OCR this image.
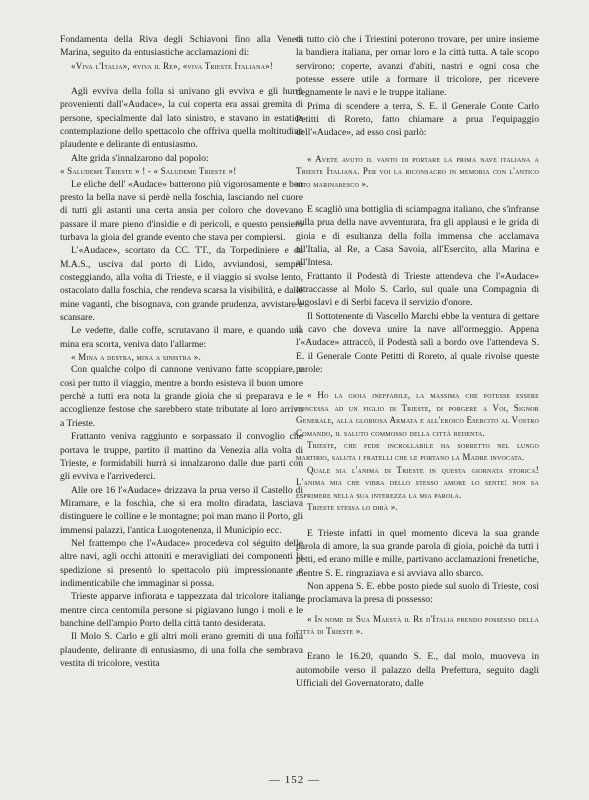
Fondamenta della Riva degli Schiavoni fino alla Veneta Marina, seguito da entusiastiche acclamazioni di:

«Viva l'Italia», «viva il Re», «viva Trieste Italiana»!

Agli evviva della folla si univano gli evviva e gli hurrà provenienti dall'«Audace», la cui coperta era assai gremita di persone, specialmente dal lato sinistro, e stavano in estatica contemplazione dello spettacolo che offriva quella moltitudine plaudente e delirante di entusiasmo.

Alte grida s'innalzarono dal popolo:

« Saludeme Trieste » ! - « Saludeme Trieste »!

Le eliche dell' «Audace» batterono più vigorosamente e ben presto la bella nave si perdè nella foschia, lasciando nel cuore di tutti gli astanti una certa ansia per coloro che dovevano passare il mare pieno d'insidie e di pericoli, e questo pensiero turbava la gioia del grande evento che stava per compiersi.

L'«Audace», scortato da CC. TT., da Torpediniere e da M.A.S., usciva dal porto di Lido, avviandosi, sempre costeggiando, alla volta di Trieste, e il viaggio si svolse lento, ostacolato dalla foschia, che rendeva scarsa la visibilità, e dalle mine vaganti, che bisognava, con grande prudenza, avvistare e scansare.

Le vedette, dalle coffe, scrutavano il mare, e quando una mina era scorta, veniva dato l'allarme:

« Mina a destra, mina a sinistra ».

Con qualche colpo di cannone venivano fatte scoppiare, e così per tutto il viaggio, mentre a bordo esisteva il buon umore perchè a tutti era nota la grande gioia che si preparava e le accoglienze festose che sarebbero state tributate al loro arrivo a Trieste.

Frattanto veniva raggiunto e sorpassato il convoglio che portava le truppe, partito il mattino da Venezia alla volta di Trieste, e formidabili hurrà si innalzarono dalle due parti con gli evviva e l'arrivederci.

Alle ore 16 l'«Audace» drizzava la prua verso il Castello di Miramare, e la foschìa, che si era molto diradata, lasciava distinguere le colline e le montagne; poi man mano il Porto, gli immensi palazzi, l'antica Luogotenenza, il Municipio ecc.

Nel frattempo che l'«Audace» procedeva col séguito delle altre navi, agli occhi attoniti e meravigliati dei componenti la spedizione si presentò lo spettacolo più impressionante e indimenticabile che immaginar si possa.

Trieste apparve infiorata e tappezzata dal tricolore italiano, mentre circa centomila persone si pigiavano lungo i moli e le banchine dell'ampio Porto della città tanto desiderata.

Il Molo S. Carlo e gli altri moli erano gremiti di una folla plaudente, delirante di entusiasmo, di una folla che sembrava vestita di tricolore, vestita

di tutto ciò che i Triestini poterono trovare, per unire insieme la bandiera italiana, per ornar loro e la città tutta. A tale scopo servirono: coperte, avanzi d'abiti, nastri e ogni cosa che potesse essere utile a formare il tricolore, per ricevere degnamente le navi e le truppe italiane.

Prima di scendere a terra, S. E. il Generale Conte Carlo Petitti di Roreto, fatto chiamare a prua l'equipaggio dell'«Audace», ad esso così parlò:

« Avete avuto il vanto di portare la prima nave italiana a Trieste Italiana. Per voi la riconsacro in memoria con l'antico rito marinaresco ».

E scagliò una bottiglia di sciampagna italiano, che s'infranse sulla prua della nave avventurata, fra gli applausi e le grida di gioia e di esultanza della folla immensa che acclamava all'Italia, al Re, a Casa Savoia, all'Esercito, alla Marina e all'Intesa.

Frattanto il Podestà di Trieste attendeva che l'«Audace» attraccasse al Molo S. Carlo, sul quale una Compagnia di Jugoslavi e di Serbi faceva il servizio d'onore.

Il Sottotenente di Vascello Marchi ebbe la ventura di gettare il cavo che doveva unire la nave all'ormeggio. Appena l'«Audace» attraccò, il Podestà salì a bordo ove l'attendeva S. E. il Generale Conte Petitti di Roreto, al quale rivolse queste parole:

« Ho la gioia ineffabile, la massima che potesse essere concessa ad un figlio di Trieste, di porgere a Voi, Signor Generale, alla gloriosa Armata e all'eroico Esercito al Vostro Comando, il saluto commosso della città redenta.

Trieste, che fede incrollabile ha sorretto nel lungo martirio, saluta i fratelli che le portano la Madre invocata.

Quale sia l'anima di Trieste in questa giornata storica! L'anima mia che vibra dello stesso amore lo sente: non sa esprimere nella sua interezza la mia parola.

Trieste stessa lo dirà ».

E Trieste infatti in quel momento diceva la sua grande parola di amore, la sua grande parola di gioia, poichè da tutti i petti, ed erano mille e mille, partivano acclamazioni frenetiche, mentre S. E. ringraziava e si avviava allo sbarco.

Non appena S. E. ebbe posto piede sul suolo di Trieste, così ne proclamava la presa di possesso:

« In nome di Sua Maestà il Re d'Italia prendo possesso della città di Trieste ».

Erano le 16.20, quando S. E., dal molo, muoveva in automobile verso il palazzo della Prefettura, seguito dagli Ufficiali del Governatorato, dalle

— 152 —
